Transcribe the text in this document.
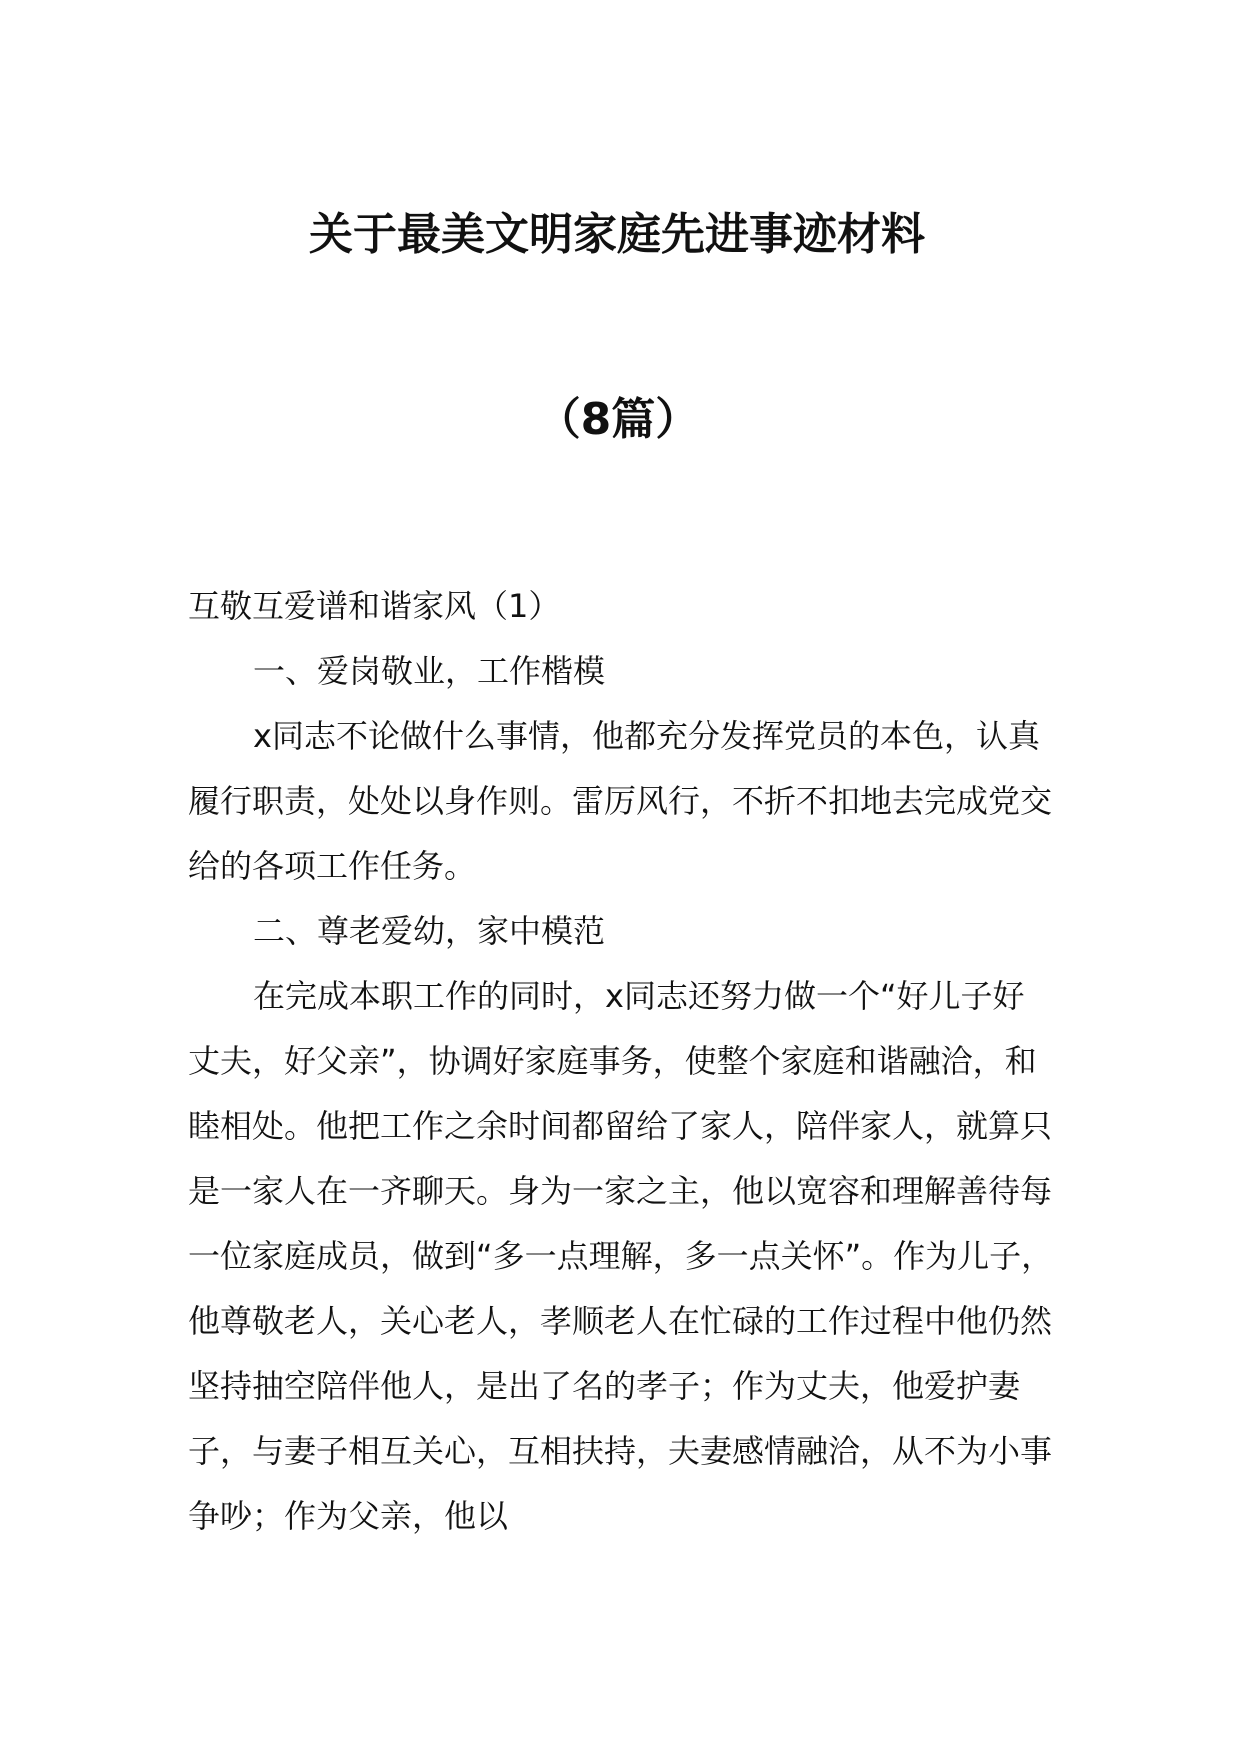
关于最美文明家庭先进事迹材料
（8篇）

互敬互爱谱和谐家风（1）

一、爱岗敬业，工作楷模

x同志不论做什么事情，他都充分发挥党员的本色，认真履行职责，处处以身作则。雷厉风行，不折不扣地去完成党交给的各项工作任务。

二、尊老爱幼，家中模范

在完成本职工作的同时，x同志还努力做一个“好儿子好丈夫，好父亲”，协调好家庭事务，使整个家庭和谐融洽，和睦相处。他把工作之余时间都留给了家人，陪伴家人，就算只是一家人在一齐聊天。身为一家之主，他以宽容和理解善待每一位家庭成员，做到“多一点理解，多一点关怀”。作为儿子，他尊敬老人，关心老人，孝顺老人在忙碌的工作过程中他仍然坚持抽空陪伴他人，是出了名的孝子；作为丈夫，他爱护妻子，与妻子相互关心，互相扶持，夫妻感情融洽，从不为小事争吵；作为父亲，他以
